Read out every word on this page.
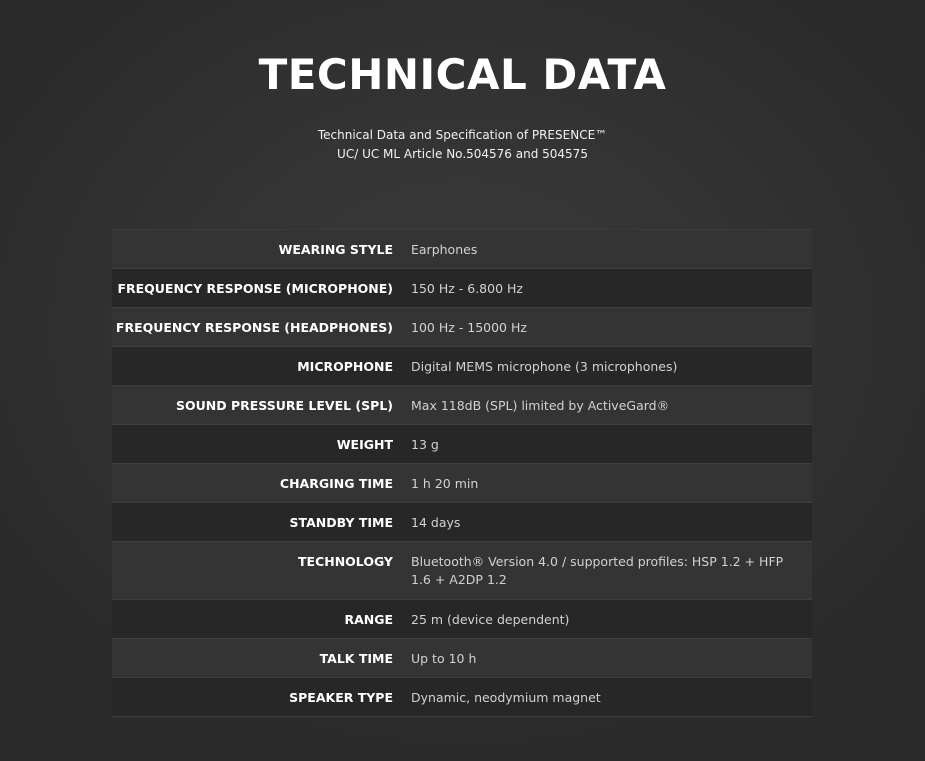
TECHNICAL DATA
Technical Data and Specification of PRESENCE™
UC/ UC ML Article No.504576 and 504575
WEARING STYLE Earphones
FREQUENCY RESPONSE (MICROPHONE) 150 Hz - 6.800 Hz
FREQUENCY RESPONSE (HEADPHONES) 100 Hz - 15000 Hz
MICROPHONE Digital MEMS microphone (3 microphones)
SOUND PRESSURE LEVEL (SPL) Max 118dB (SPL) limited by ActiveGard®
WEIGHT 13 g
CHARGING TIME 1 h 20 min
STANDBY TIME 14 days
TECHNOLOGY Bluetooth® Version 4.0 / supported profiles: HSP 1.2 + HFP 1.6 + A2DP 1.2
RANGE 25 m (device dependent)
TALK TIME Up to 10 h
SPEAKER TYPE Dynamic, neodymium magnet
